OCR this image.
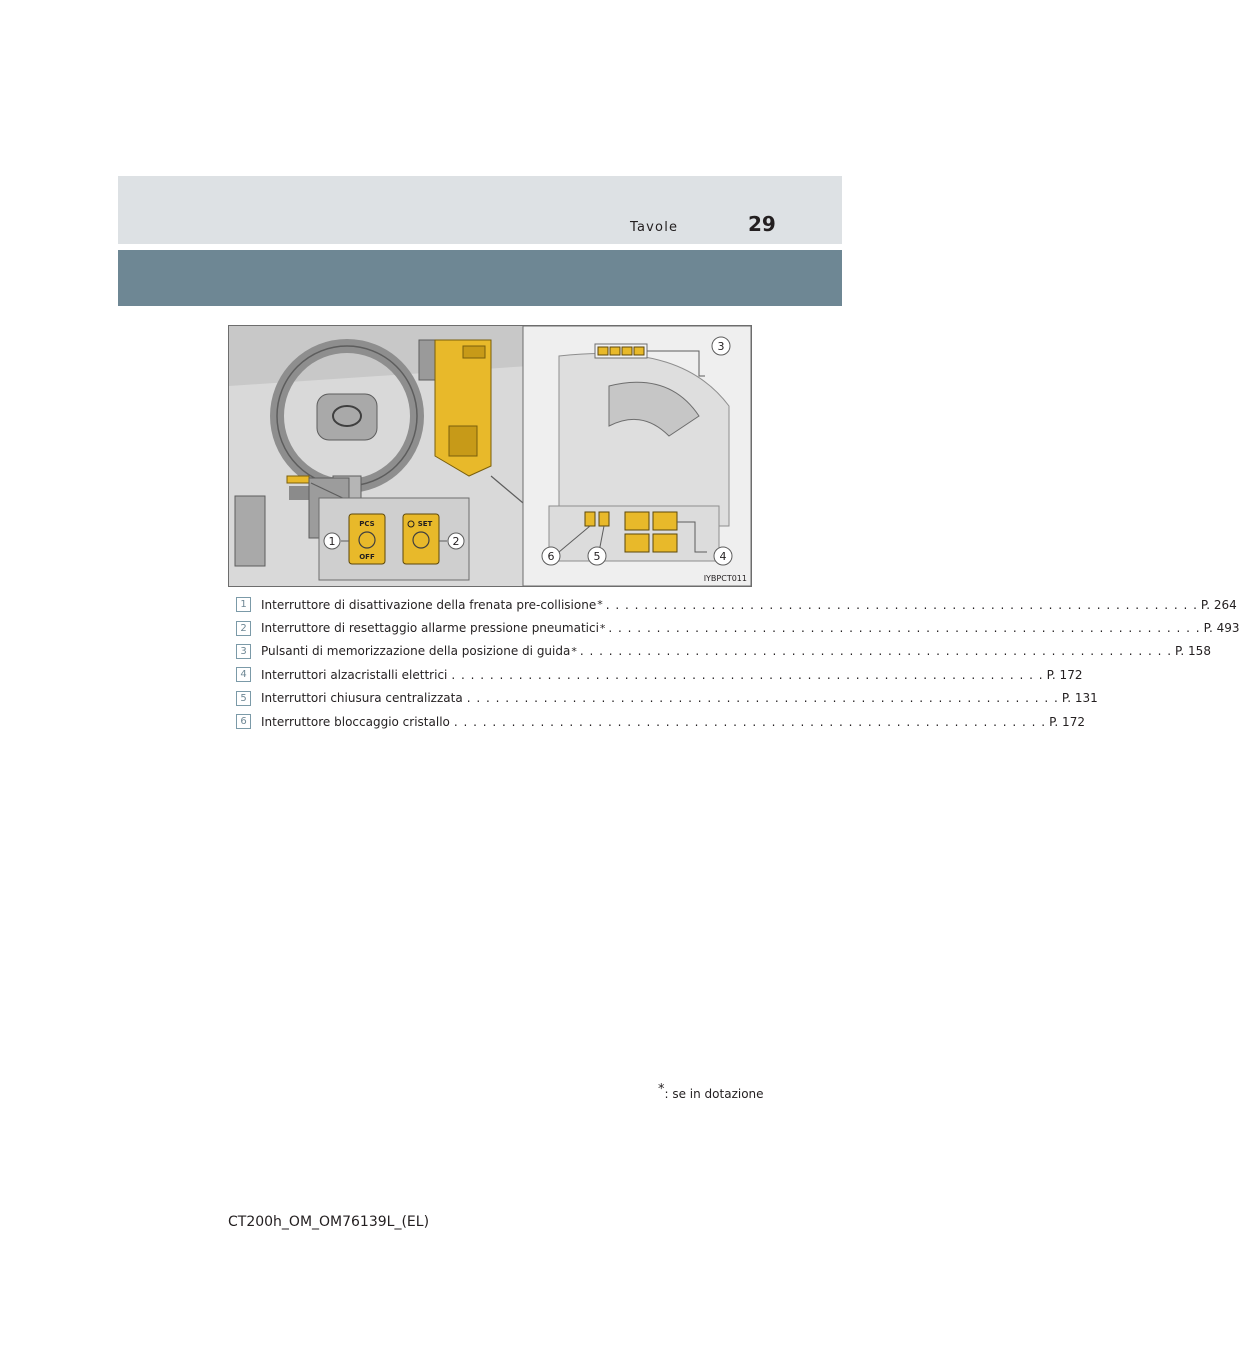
Tavole	29
PCS
OFF
SET
1	2
3
4
5
6
IYBPCT011
1	Interruttore di disattivazione della frenata pre-collisione * . . . . . . . . . . . . . . . . . . . . . . . . . . . . . . . . . . . . . . . . . . . . . . . . . . . . . . . . . . . . . . P. 264
2	Interruttore di resettaggio allarme pressione pneumatici * . . . . . . . . . . . . . . . . . . . . . . . . . . . . . . . . . . . . . . . . . . . . . . . . . . . . . . . . . . . . . . P. 493
3	Pulsanti di memorizzazione della posizione di guida * . . . . . . . . . . . . . . . . . . . . . . . . . . . . . . . . . . . . . . . . . . . . . . . . . . . . . . . . . . . . . . P. 158
4	Interruttori alzacristalli elettrici . . . . . . . . . . . . . . . . . . . . . . . . . . . . . . . . . . . . . . . . . . . . . . . . . . . . . . . . . . . . . . P. 172
5	Interruttori chiusura centralizzata . . . . . . . . . . . . . . . . . . . . . . . . . . . . . . . . . . . . . . . . . . . . . . . . . . . . . . . . . . . . . . P. 131
6	Interruttore bloccaggio cristallo . . . . . . . . . . . . . . . . . . . . . . . . . . . . . . . . . . . . . . . . . . . . . . . . . . . . . . . . . . . . . . P. 172
*: se in dotazione
CT200h_OM_OM76139L_(EL)
